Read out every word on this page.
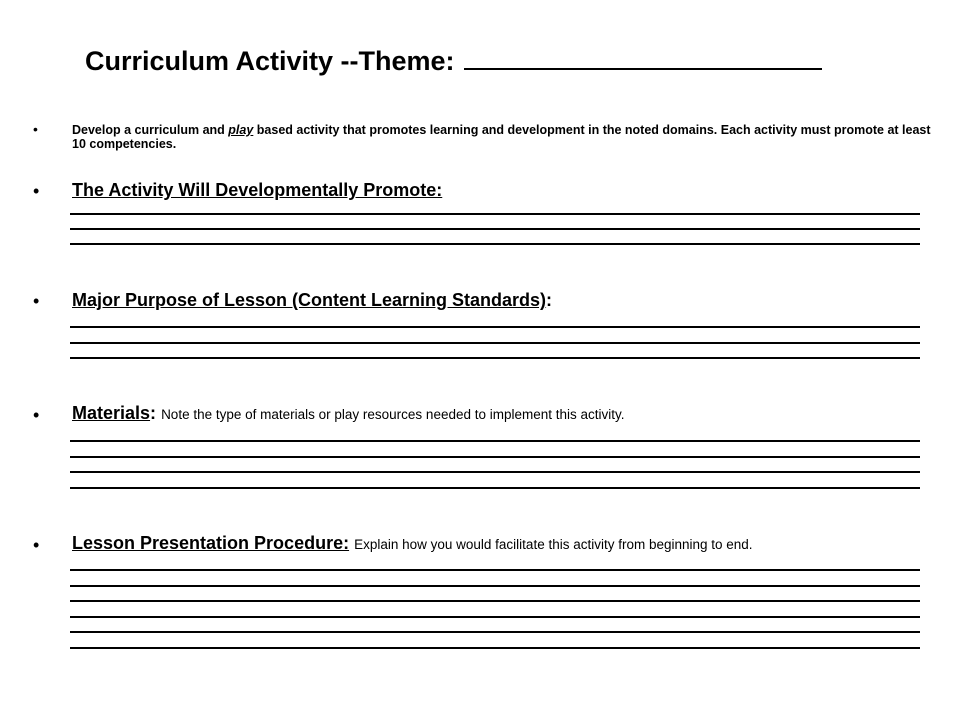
Curriculum Activity --Theme:
•	Develop a curriculum and play based activity that promotes learning and development in the noted domains. Each activity must promote at least 10 competencies.
• The Activity Will Developmentally Promote:
• Major Purpose of Lesson (Content Learning Standards):
• Materials: Note the type of materials or play resources needed to implement this activity.
• Lesson Presentation Procedure: Explain how you would facilitate this activity from beginning to end.
